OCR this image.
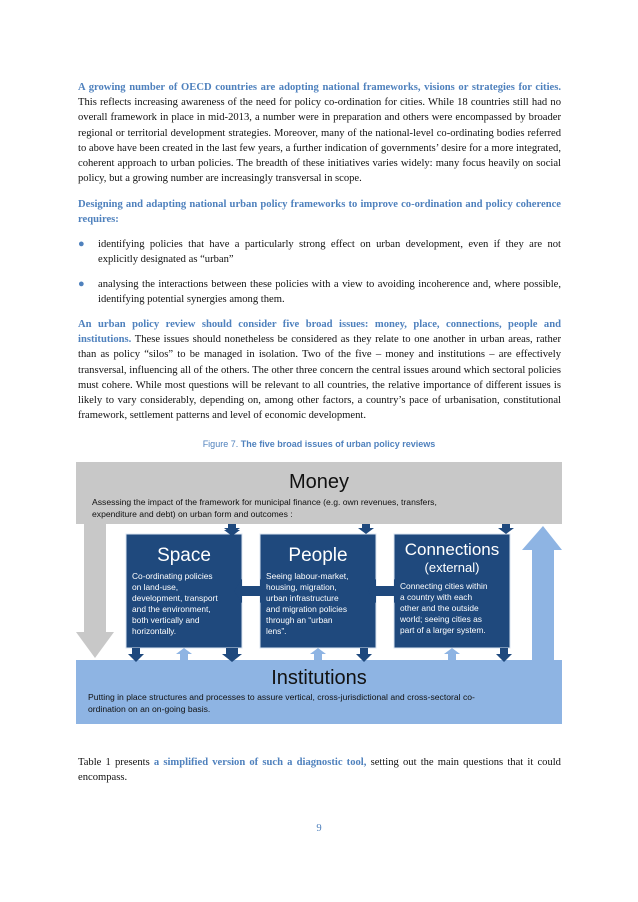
A growing number of OECD countries are adopting national frameworks, visions or strategies for cities. This reflects increasing awareness of the need for policy co-ordination for cities. While 18 countries still had no overall framework in place in mid-2013, a number were in preparation and others were encompassed by broader regional or territorial development strategies. Moreover, many of the national-level co-ordinating bodies referred to above have been created in the last few years, a further indication of governments’ desire for a more integrated, coherent approach to urban policies. The breadth of these initiatives varies widely: many focus heavily on social policy, but a growing number are increasingly transversal in scope.
Designing and adapting national urban policy frameworks to improve co-ordination and policy coherence requires:
● identifying policies that have a particularly strong effect on urban development, even if they are not explicitly designated as “urban”
● analysing the interactions between these policies with a view to avoiding incoherence and, where possible, identifying potential synergies among them.
An urban policy review should consider five broad issues: money, place, connections, people and institutions. These issues should nonetheless be considered as they relate to one another in urban areas, rather than as policy “silos” to be managed in isolation. Two of the five – money and institutions – are effectively transversal, influencing all of the others. The other three concern the central issues around which sectoral policies must cohere. While most questions will be relevant to all countries, the relative importance of different issues is likely to vary considerably, depending on, among other factors, a country’s pace of urbanisation, constitutional framework, settlement patterns and level of economic development.
Figure 7. The five broad issues of urban policy reviews
Money
Assessing the impact of the framework for municipal finance (e.g. own revenues, transfers,
expenditure and debt) on urban form and outcomes :
Institutions
Putting in place structures and processes to assure vertical, cross-jurisdictional and cross-sectoral co-
ordination on an on-going basis.
Space
Co-ordinating policies
on land-use,
development, transport
and the environment,
both vertically and
horizontally.
People
Seeing labour-market,
housing, migration,
urban infrastructure
and migration policies
through an “urban
lens”.
Connections
(external)
Connecting cities within
a country with each
other and the outside
world; seeing cities as
part of a larger system.
Table 1 presents a simplified version of such a diagnostic tool, setting out the main questions that it could encompass.
9
